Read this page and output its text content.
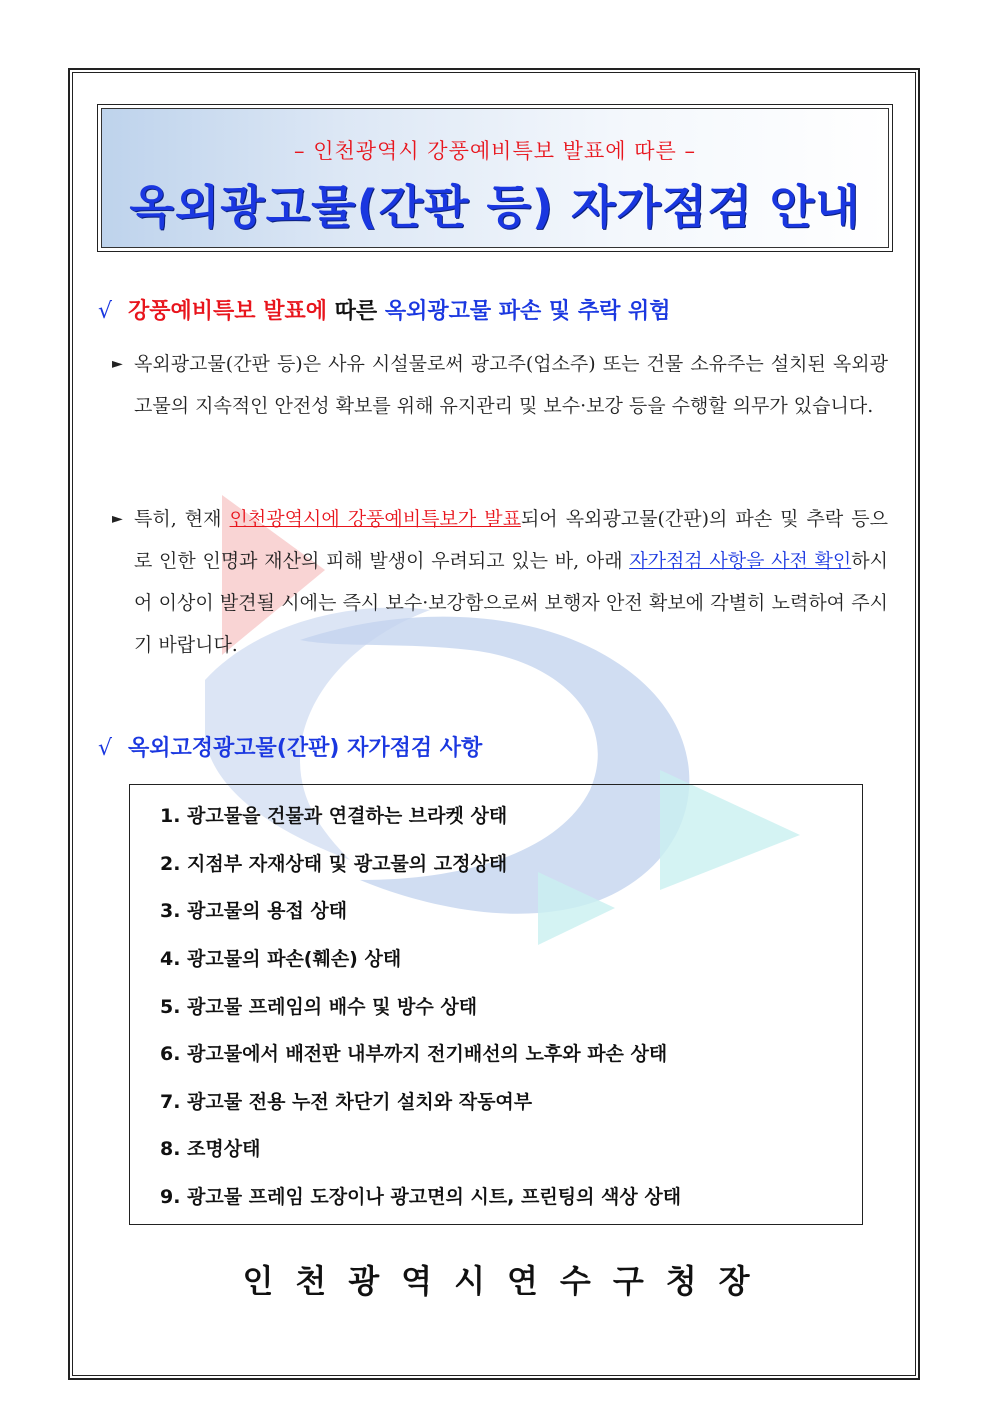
– 인천광역시 강풍예비특보 발표에 따른 –
옥외광고물(간판 등) 자가점검 안내
√ 강풍예비특보 발표에 따른 옥외광고물 파손 및 추락 위험
► 옥외광고물(간판 등)은 사유 시설물로써 광고주(업소주) 또는 건물 소유주는 설치된 옥외광고물의 지속적인 안전성 확보를 위해 유지관리 및 보수·보강 등을 수행할 의무가 있습니다.
► 특히, 현재 인천광역시에 강풍예비특보가 발표되어 옥외광고물(간판)의 파손 및 추락 등으로 인한 인명과 재산의 피해 발생이 우려되고 있는 바, 아래 자가점검 사항을 사전 확인하시어 이상이 발견될 시에는 즉시 보수·보강함으로써 보행자 안전 확보에 각별히 노력하여 주시기 바랍니다.
√ 옥외고정광고물(간판) 자가점검 사항
1. 광고물을 건물과 연결하는 브라켓 상태
2. 지점부 자재상태 및 광고물의 고정상태
3. 광고물의 용접 상태
4. 광고물의 파손(훼손) 상태
5. 광고물 프레임의 배수 및 방수 상태
6. 광고물에서 배전판 내부까지 전기배선의 노후와 파손 상태
7. 광고물 전용 누전 차단기 설치와 작동여부
8. 조명상태
9. 광고물 프레임 도장이나 광고면의 시트, 프린팅의 색상 상태
인천광역시연수구청장
